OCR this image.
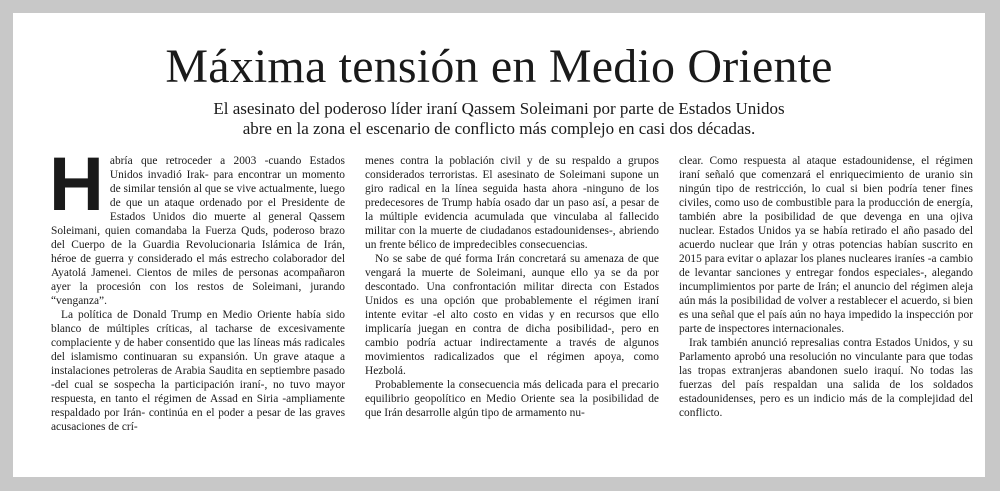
Máxima tensión en Medio Oriente
El asesinato del poderoso líder iraní Qassem Soleimani por parte de Estados Unidos
abre en la zona el escenario de conflicto más complejo en casi dos décadas.

Habría que retroceder a 2003 -cuando Estados Unidos invadió Irak- para encontrar un momento de similar tensión al que se vive actualmente, luego de que un ataque ordenado por el Presidente de Estados Unidos dio muerte al general Qassem Soleimani, quien comandaba la Fuerza Quds, poderoso brazo del Cuerpo de la Guardia Revolucionaria Islámica de Irán, héroe de guerra y considerado el más estrecho colaborador del Ayatolá Jamenei. Cientos de miles de personas acompañaron ayer la procesión con los restos de Soleimani, jurando “venganza”.

La política de Donald Trump en Medio Oriente había sido blanco de múltiples críticas, al tacharse de excesivamente complaciente y de haber consentido que las líneas más radicales del islamismo continuaran su expansión. Un grave ataque a instalaciones petroleras de Arabia Saudita en septiembre pasado -del cual se sospecha la participación iraní-, no tuvo mayor respuesta, en tanto el régimen de Assad en Siria -ampliamente respaldado por Irán- continúa en el poder a pesar de las graves acusaciones de crí-

menes contra la población civil y de su respaldo a grupos considerados terroristas. El asesinato de Soleimani supone un giro radical en la línea seguida hasta ahora -ninguno de los predecesores de Trump había osado dar un paso así, a pesar de la múltiple evidencia acumulada que vinculaba al fallecido militar con la muerte de ciudadanos estadounidenses-, abriendo un frente bélico de impredecibles consecuencias.

No se sabe de qué forma Irán concretará su amenaza de que vengará la muerte de Soleimani, aunque ello ya se da por descontado. Una confrontación militar directa con Estados Unidos es una opción que probablemente el régimen iraní intente evitar -el alto costo en vidas y en recursos que ello implicaría juegan en contra de dicha posibilidad-, pero en cambio podría actuar indirectamente a través de algunos movimientos radicalizados que el régimen apoya, como Hezbolá.

Probablemente la consecuencia más delicada para el precario equilibrio geopolítico en Medio Oriente sea la posibilidad de que Irán desarrolle algún tipo de armamento nu-

clear. Como respuesta al ataque estadounidense, el régimen iraní señaló que comenzará el enriquecimiento de uranio sin ningún tipo de restricción, lo cual si bien podría tener fines civiles, como uso de combustible para la producción de energía, también abre la posibilidad de que devenga en una ojiva nuclear. Estados Unidos ya se había retirado el año pasado del acuerdo nuclear que Irán y otras potencias habían suscrito en 2015 para evitar o aplazar los planes nucleares iraníes -a cambio de levantar sanciones y entregar fondos especiales-, alegando incumplimientos por parte de Irán; el anuncio del régimen aleja aún más la posibilidad de volver a restablecer el acuerdo, si bien es una señal que el país aún no haya impedido la inspección por parte de inspectores internacionales.

Irak también anunció represalias contra Estados Unidos, y su Parlamento aprobó una resolución no vinculante para que todas las tropas extranjeras abandonen suelo iraquí. No todas las fuerzas del país respaldan una salida de los soldados estadounidenses, pero es un indicio más de la complejidad del conflicto.
